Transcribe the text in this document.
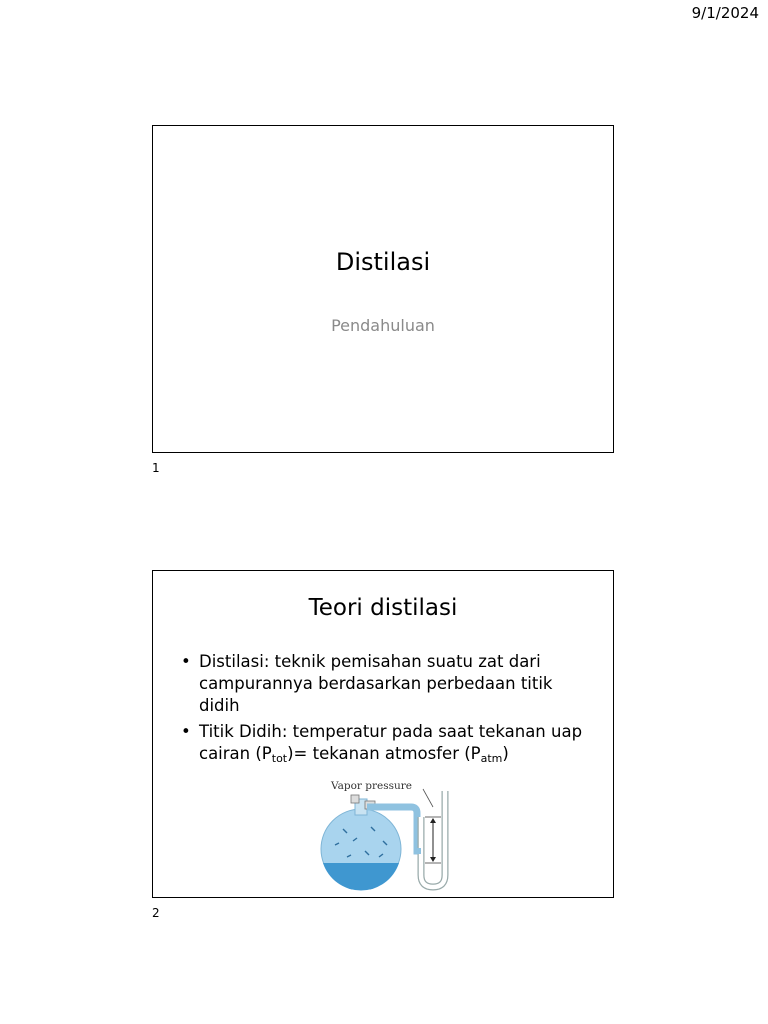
9/1/2024
Distilasi
Pendahuluan
1
Teori distilasi
• Distilasi: teknik pemisahan suatu zat dari campurannya berdasarkan perbedaan titik didih
• Titik Didih: temperatur pada saat tekanan uap cairan $(P_{tot})=$ tekanan atmosfer $(P_{atm})$
Vapor pressure
2
